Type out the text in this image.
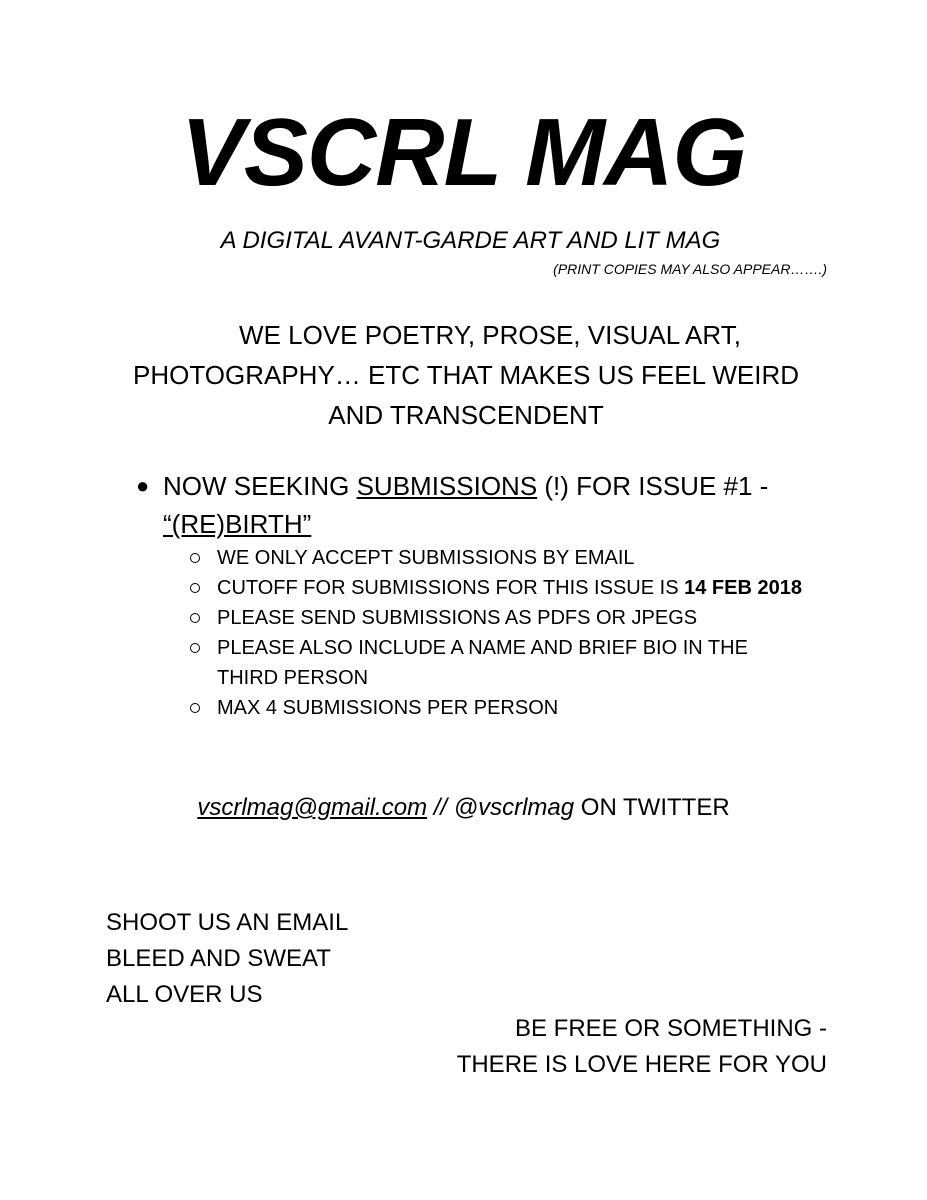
VSCRL MAG
A DIGITAL AVANT-GARDE ART AND LIT MAG
(PRINT COPIES MAY ALSO APPEAR…….)
WE LOVE POETRY, PROSE, VISUAL ART,
PHOTOGRAPHY… ETC THAT MAKES US FEEL WEIRD
AND TRANSCENDENT
● NOW SEEKING SUBMISSIONS (!) FOR ISSUE #1 -
“(RE)BIRTH”
WE ONLY ACCEPT SUBMISSIONS BY EMAIL
CUTOFF FOR SUBMISSIONS FOR THIS ISSUE IS 14 FEB 2018
PLEASE SEND SUBMISSIONS AS PDFS OR JPEGS
PLEASE ALSO INCLUDE A NAME AND BRIEF BIO IN THE THIRD PERSON
MAX 4 SUBMISSIONS PER PERSON
vscrlmag@gmail.com // @vscrlmag ON TWITTER
SHOOT US AN EMAIL
BLEED AND SWEAT
ALL OVER US
BE FREE OR SOMETHING -
THERE IS LOVE HERE FOR YOU
